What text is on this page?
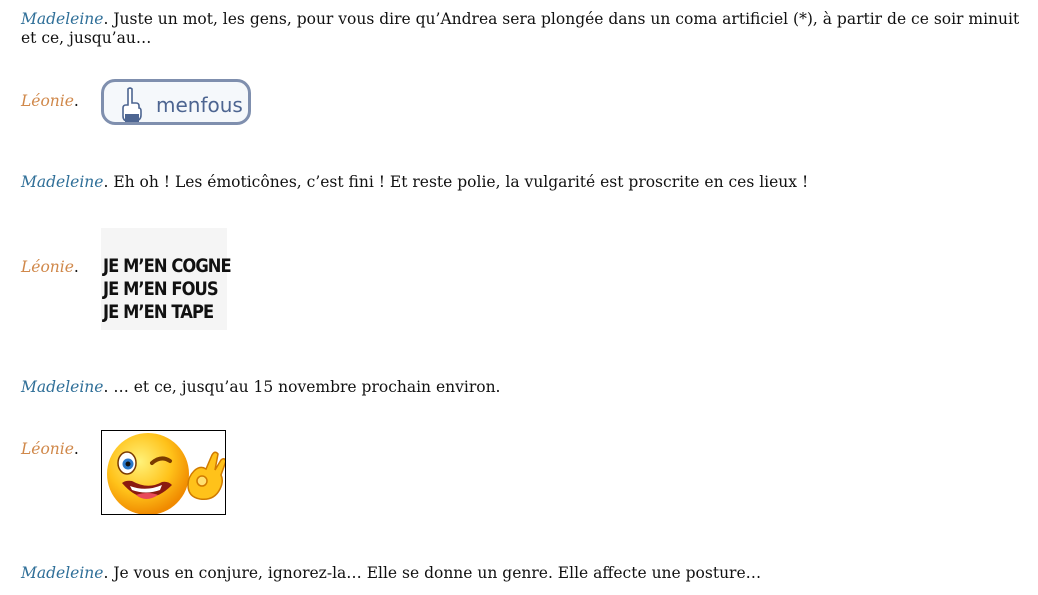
Madeleine. Juste un mot, les gens, pour vous dire qu’Andrea sera plongée dans un coma artificiel (*), à partir de ce soir minuit et ce, jusqu’au…
Léonie.	menfous
Madeleine. Eh oh ! Les émoticônes, c’est fini ! Et reste polie, la vulgarité est proscrite en ces lieux !
Léonie.	JE M’EN COGNE
JE M’EN FOUS
JE M’EN TAPE
Madeleine. … et ce, jusqu’au 15 novembre prochain environ.
Léonie.
Madeleine. Je vous en conjure, ignorez-la… Elle se donne un genre. Elle affecte une posture…
